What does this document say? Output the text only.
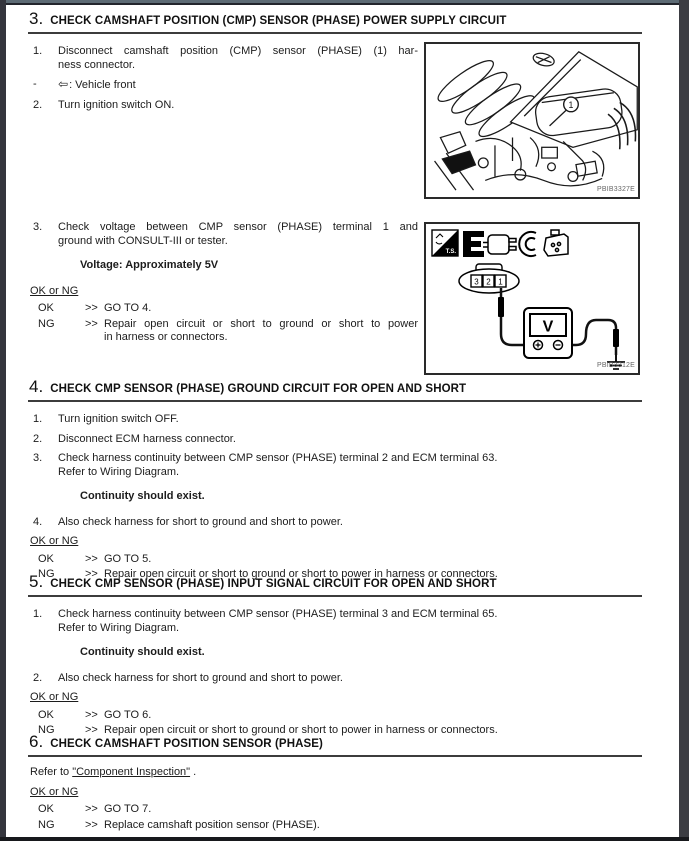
3. CHECK CAMSHAFT POSITION (CMP) SENSOR (PHASE) POWER SUPPLY CIRCUIT
1.	Disconnect camshaft position (CMP) sensor (PHASE) (1) har-
ness connector.
-	⇦: Vehicle front
2.	Turn ignition switch ON.
3.	Check voltage between CMP sensor (PHASE) terminal 1 and
ground with CONSULT-III or tester.
Voltage: Approximately 5V
OK or NG
OK	>> GO TO 4.
NG	>> Repair open circuit or short to ground or short to power
in harness or connectors.
1
PBIB3327E
T.S.
3 2 1
V
PBIB3312E
4. CHECK CMP SENSOR (PHASE) GROUND CIRCUIT FOR OPEN AND SHORT
1.	Turn ignition switch OFF.
2.	Disconnect ECM harness connector.
3.	Check harness continuity between CMP sensor (PHASE) terminal 2 and ECM terminal 63.
Refer to Wiring Diagram.
Continuity should exist.
4.	Also check harness for short to ground and short to power.
OK or NG
OK	>> GO TO 5.
NG	>> Repair open circuit or short to ground or short to power in harness or connectors.
5. CHECK CMP SENSOR (PHASE) INPUT SIGNAL CIRCUIT FOR OPEN AND SHORT
1.	Check harness continuity between CMP sensor (PHASE) terminal 3 and ECM terminal 65.
Refer to Wiring Diagram.
Continuity should exist.
2.	Also check harness for short to ground and short to power.
OK or NG
OK	>> GO TO 6.
NG	>> Repair open circuit or short to ground or short to power in harness or connectors.
6. CHECK CAMSHAFT POSITION SENSOR (PHASE)
Refer to "Component Inspection" .
OK or NG
OK	>> GO TO 7.
NG	>> Replace camshaft position sensor (PHASE).
